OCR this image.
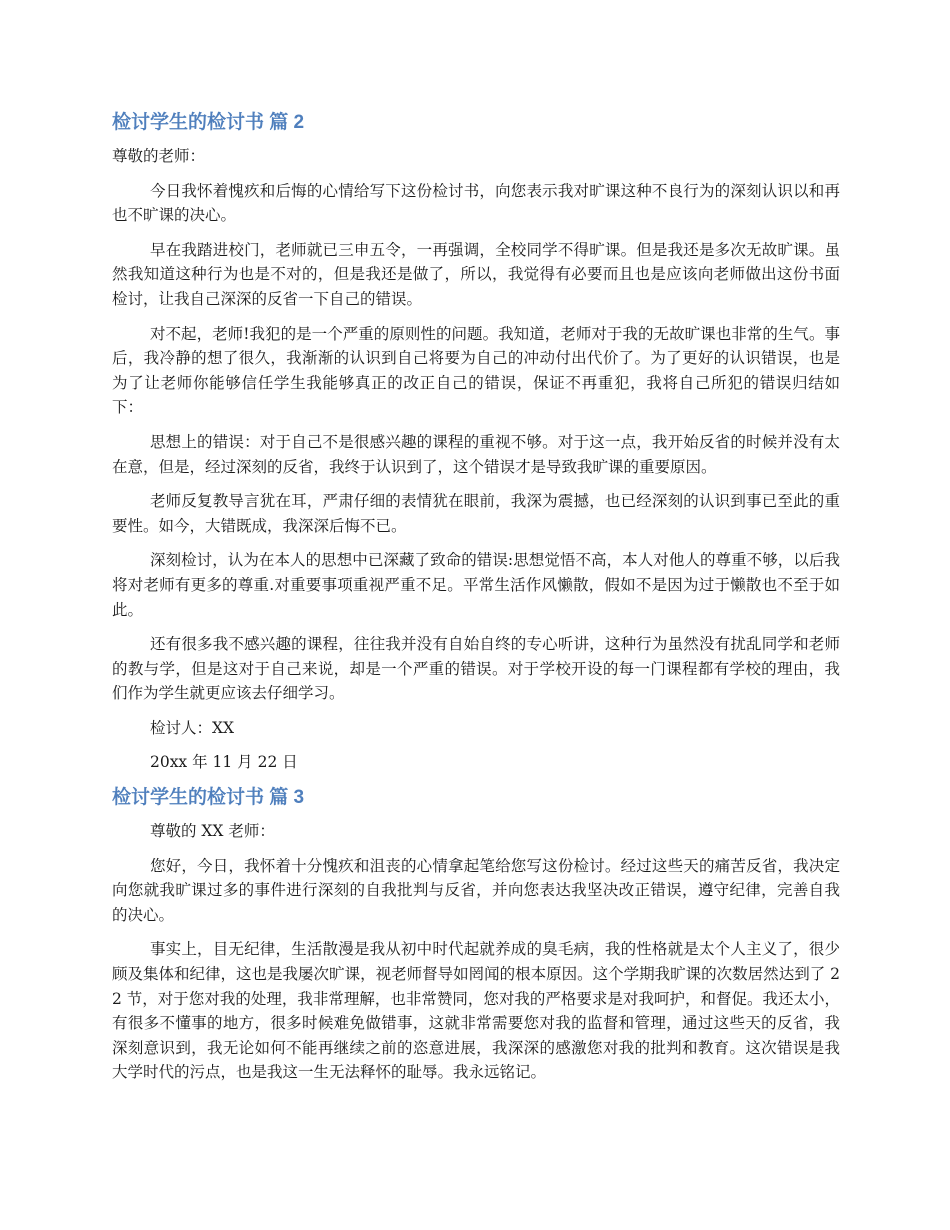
检讨学生的检讨书 篇 2

尊敬的老师：

今日我怀着愧疚和后悔的心情给写下这份检讨书，向您表示我对旷课这种不良行为的深刻认识以和再也不旷课的决心。

早在我踏进校门，老师就已三申五令，一再强调，全校同学不得旷课。但是我还是多次无故旷课。虽然我知道这种行为也是不对的，但是我还是做了，所以，我觉得有必要而且也是应该向老师做出这份书面检讨，让我自己深深的反省一下自己的错误。

对不起，老师!我犯的是一个严重的原则性的问题。我知道，老师对于我的无故旷课也非常的生气。事后，我冷静的想了很久，我渐渐的认识到自己将要为自己的冲动付出代价了。为了更好的认识错误，也是为了让老师你能够信任学生我能够真正的改正自己的错误，保证不再重犯，我将自己所犯的错误归结如下：

思想上的错误：对于自己不是很感兴趣的课程的重视不够。对于这一点，我开始反省的时候并没有太在意，但是，经过深刻的反省，我终于认识到了，这个错误才是导致我旷课的重要原因。

老师反复教导言犹在耳，严肃仔细的表情犹在眼前，我深为震撼，也已经深刻的认识到事已至此的重要性。如今，大错既成，我深深后悔不已。

深刻检讨，认为在本人的思想中已深藏了致命的错误:思想觉悟不高，本人对他人的尊重不够，以后我将对老师有更多的尊重.对重要事项重视严重不足。平常生活作风懒散，假如不是因为过于懒散也不至于如此。

还有很多我不感兴趣的课程，往往我并没有自始自终的专心听讲，这种行为虽然没有扰乱同学和老师的教与学，但是这对于自己来说，却是一个严重的错误。对于学校开设的每一门课程都有学校的理由，我们作为学生就更应该去仔细学习。

检讨人：XX

20xx 年 11 月 22 日

检讨学生的检讨书 篇 3

尊敬的 XX 老师：

您好，今日，我怀着十分愧疚和沮丧的心情拿起笔给您写这份检讨。经过这些天的痛苦反省，我决定向您就我旷课过多的事件进行深刻的自我批判与反省，并向您表达我坚决改正错误，遵守纪律，完善自我的决心。

事实上，目无纪律，生活散漫是我从初中时代起就养成的臭毛病，我的性格就是太个人主义了，很少顾及集体和纪律，这也是我屡次旷课，视老师督导如罔闻的根本原因。这个学期我旷课的次数居然达到了 22 节，对于您对我的处理，我非常理解，也非常赞同，您对我的严格要求是对我呵护，和督促。我还太小，有很多不懂事的地方，很多时候难免做错事，这就非常需要您对我的监督和管理，通过这些天的反省，我深刻意识到，我无论如何不能再继续之前的恣意进展，我深深的感激您对我的批判和教育。这次错误是我大学时代的污点，也是我这一生无法释怀的耻辱。我永远铭记。
